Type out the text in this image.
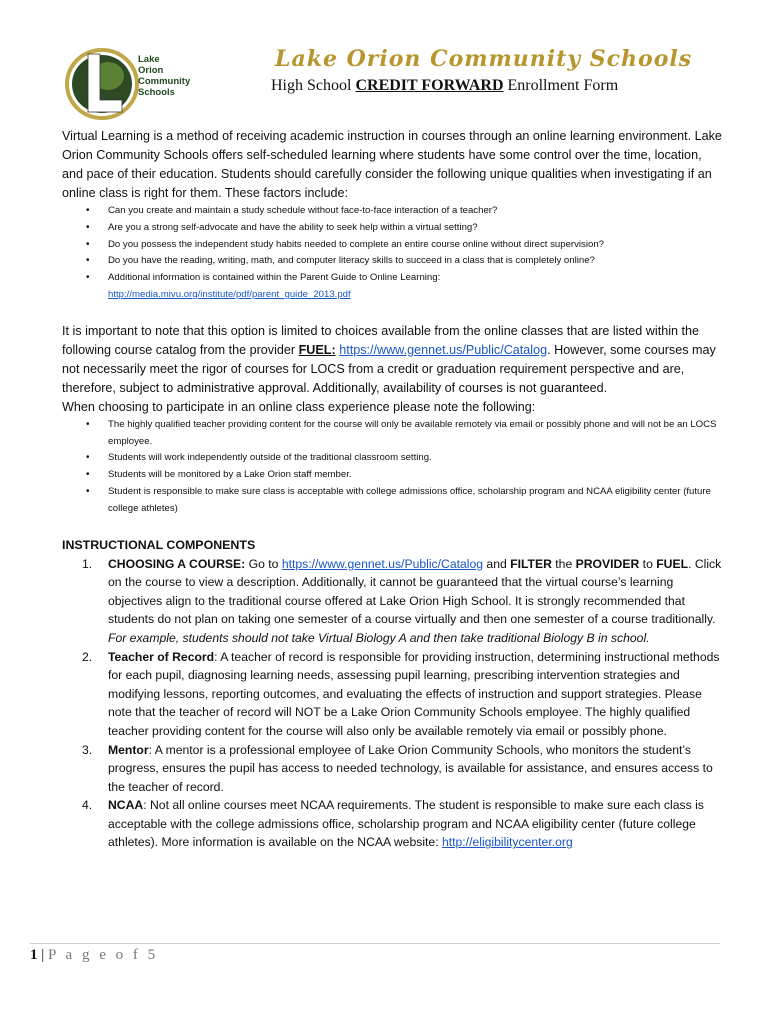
Lake
Orion
Community
Schools
Lake Orion Community Schools
High School CREDIT FORWARD Enrollment Form

Virtual Learning is a method of receiving academic instruction in courses through an online learning environment. Lake Orion Community Schools offers self-scheduled learning where students have some control over the time, location, and pace of their education. Students should carefully consider the following unique qualities when investigating if an online class is right for them. These factors include:

• Can you create and maintain a study schedule without face-to-face interaction of a teacher?
• Are you a strong self-advocate and have the ability to seek help within a virtual setting?
• Do you possess the independent study habits needed to complete an entire course online without direct supervision?
• Do you have the reading, writing, math, and computer literacy skills to succeed in a class that is completely online?
• Additional information is contained within the Parent Guide to Online Learning:
http://media.mivu.org/institute/pdf/parent_guide_2013.pdf

It is important to note that this option is limited to choices available from the online classes that are listed within the following course catalog from the provider FUEL: https://www.gennet.us/Public/Catalog. However, some courses may not necessarily meet the rigor of courses for LOCS from a credit or graduation requirement perspective and are, therefore, subject to administrative approval. Additionally, availability of courses is not guaranteed.

When choosing to participate in an online class experience please note the following:

• The highly qualified teacher providing content for the course will only be available remotely via email or possibly phone and will not be an LOCS employee.
• Students will work independently outside of the traditional classroom setting.
• Students will be monitored by a Lake Orion staff member.
• Student is responsible to make sure class is acceptable with college admissions office, scholarship program and NCAA eligibility center (future college athletes)
INSTRUCTIONAL COMPONENTS
1. CHOOSING A COURSE: Go to https://www.gennet.us/Public/Catalog and FILTER the PROVIDER to FUEL. Click on the course to view a description. Additionally, it cannot be guaranteed that the virtual course’s learning objectives align to the traditional course offered at Lake Orion High School. It is strongly recommended that students do not plan on taking one semester of a course virtually and then one semester of a course traditionally. For example, students should not take Virtual Biology A and then take traditional Biology B in school.
2. Teacher of Record: A teacher of record is responsible for providing instruction, determining instructional methods for each pupil, diagnosing learning needs, assessing pupil learning, prescribing intervention strategies and modifying lessons, reporting outcomes, and evaluating the effects of instruction and support strategies. Please note that the teacher of record will NOT be a Lake Orion Community Schools employee. The highly qualified teacher providing content for the course will also only be available remotely via email or possibly phone.
3. Mentor: A mentor is a professional employee of Lake Orion Community Schools, who monitors the student’s progress, ensures the pupil has access to needed technology, is available for assistance, and ensures access to the teacher of record.
4. NCAA: Not all online courses meet NCAA requirements. The student is responsible to make sure each class is acceptable with the college admissions office, scholarship program and NCAA eligibility center (future college athletes). More information is available on the NCAA website: http://eligibilitycenter.org
1 | P a g e o f 5
